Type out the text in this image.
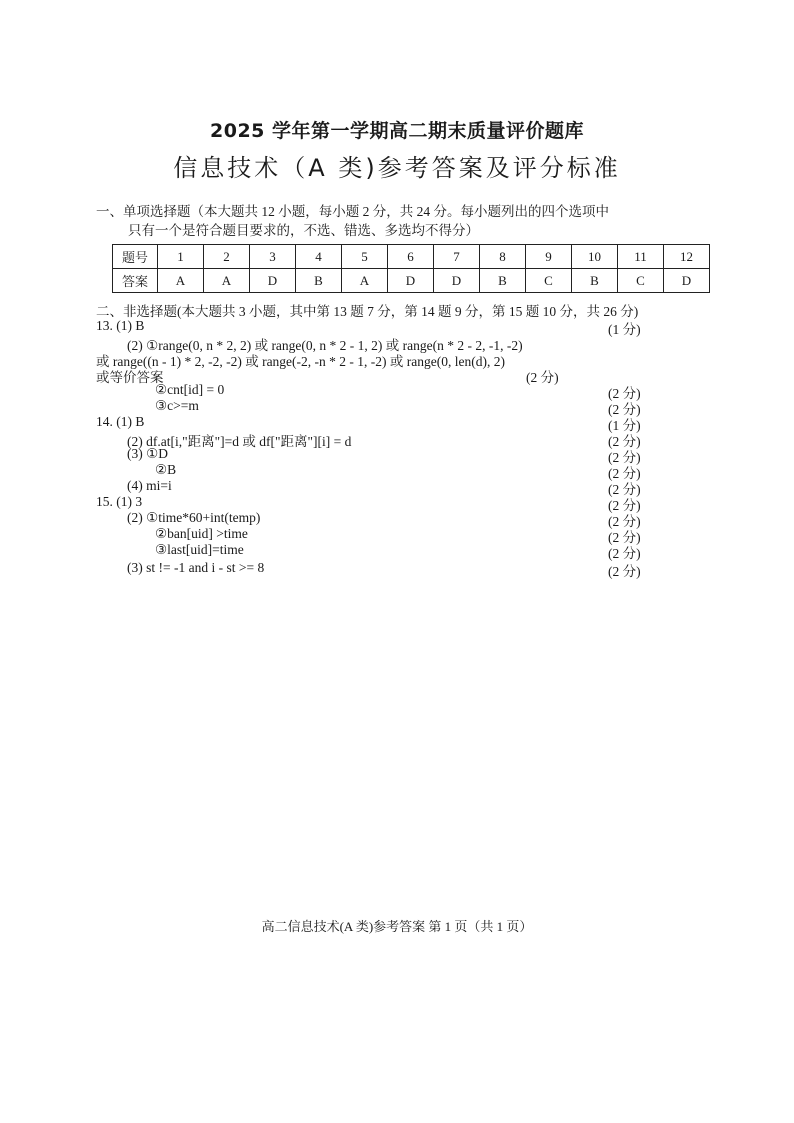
2025 学年第一学期高二期末质量评价题库
信息技术（A 类)参考答案及评分标准
一、单项选择题（本大题共 12 小题，每小题 2 分，共 24 分。每小题列出的四个选项中
只有一个是符合题目要求的，不选、错选、多选均不得分）
题号	1	2	3	4	5	6	7	8	9	10	11	12
答案	A	A	D	B	A	D	D	B	C	B	C	D
二、非选择题(本大题共 3 小题，其中第 13 题 7 分，第 14 题 9 分，第 15 题 10 分，共 26 分)
13. (1) B	(1 分)
(2) ①range(0, n * 2, 2) 或 range(0, n * 2 - 1, 2) 或 range(n * 2 - 2, -1, -2)
或 range((n - 1) * 2, -2, -2) 或 range(-2, -n * 2 - 1, -2) 或 range(0, len(d), 2)
或等价答案	(2 分)
②cnt[id] = 0	(2 分)
③c>=m	(2 分)
14. (1) B	(1 分)
(2) df.at[i,"距离"]=d 或 df["距离"][i] = d	(2 分)
(3) ①D	(2 分)
②B	(2 分)
(4) mi=i	(2 分)
15. (1) 3	(2 分)
(2) ①time*60+int(temp)	(2 分)
②ban[uid] >time	(2 分)
③last[uid]=time	(2 分)
(3) st != -1 and i - st >= 8	(2 分)
高二信息技术(A 类)参考答案 第 1 页（共 1 页）
